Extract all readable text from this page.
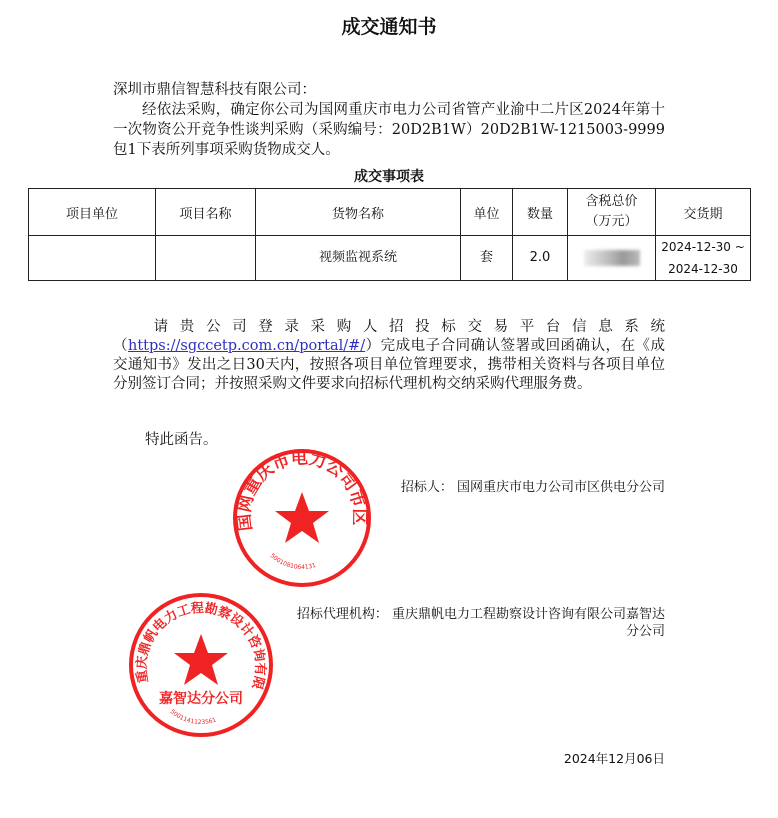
成交通知书
深圳市鼎信智慧科技有限公司：
经依法采购，确定你公司为国网重庆市电力公司省管产业渝中二片区2024年第十一次物资公开竞争性谈判采购（采购编号：20D2B1W）20D2B1W-1215003-9999包1下表所列事项采购货物成交人。
成交事项表
项目单位	项目名称	货物名称	单位	数量	含税总价（万元）	交货期
		视频监视系统	套	2.0		2024-12-30 ~
2024-12-30
请贵公司登录采购人招投标交易平台信息系统（https://sgccetp.com.cn/portal/#/）完成电子合同确认签署或回函确认，在《成交通知书》发出之日30天内，按照各项目单位管理要求，携带相关资料与各项目单位分别签订合同；并按照采购文件要求向招标代理机构交纳采购代理服务费。
特此函告。
招标人： 国网重庆市电力公司市区供电分公司
招标代理机构： 重庆鼎帆电力工程勘察设计咨询有限公司嘉智达
分公司
2024年12月06日
国网重庆市电力公司市区供电分公司
5001081064131
重庆鼎帆电力工程勘察设计咨询有限公司
嘉智达分公司
5001141123561
